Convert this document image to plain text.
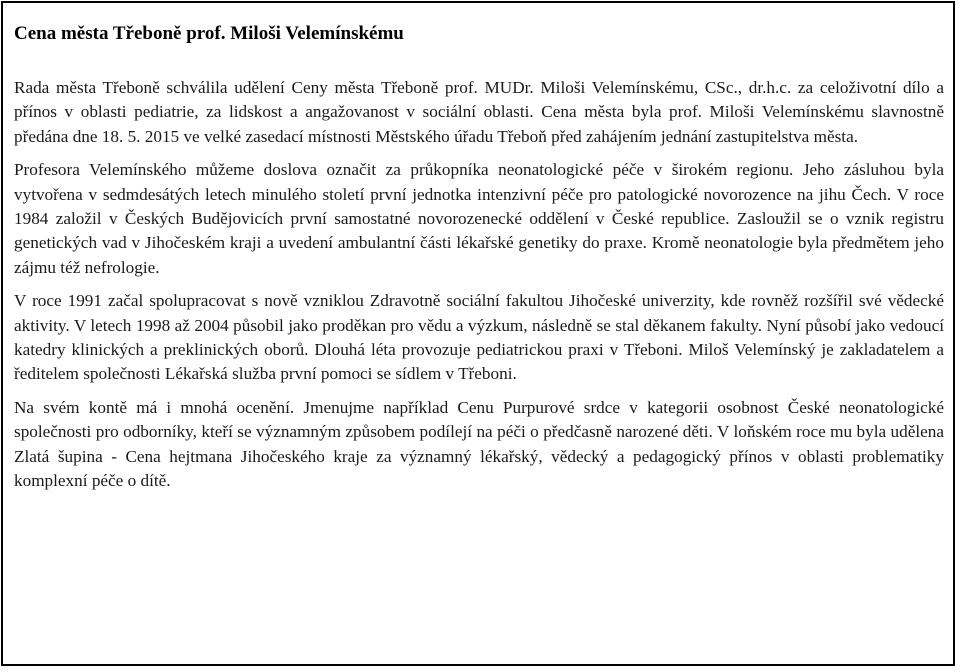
Cena města Třeboně prof. Miloši Velemínskému

Rada města Třeboně schválila udělení Ceny města Třeboně prof. MUDr. Miloši Velemínskému, CSc., dr.h.c. za celoživotní dílo a přínos v oblasti pediatrie, za lidskost a angažovanost v sociální oblasti. Cena města byla prof. Miloši Velemínskému slavnostně předána dne 18. 5. 2015 ve velké zasedací místnosti Městského úřadu Třeboň před zahájením jednání zastupitelstva města.

Profesora Velemínského můžeme doslova označit za průkopníka neonatologické péče v širokém regionu. Jeho zásluhou byla vytvořena v sedmdesátých letech minulého století první jednotka intenzivní péče pro patologické novorozence na jihu Čech. V roce 1984 založil v Českých Budějovicích první samostatné novorozenecké oddělení v České republice. Zasloužil se o vznik registru genetických vad v Jihočeském kraji a uvedení ambulantní části lékařské genetiky do praxe. Kromě neonatologie byla předmětem jeho zájmu též nefrologie.

V roce 1991 začal spolupracovat s nově vzniklou Zdravotně sociální fakultou Jihočeské univerzity, kde rovněž rozšířil své vědecké aktivity. V letech 1998 až 2004 působil jako proděkan pro vědu a výzkum, následně se stal děkanem fakulty. Nyní působí jako vedoucí katedry klinických a preklinických oborů. Dlouhá léta provozuje pediatrickou praxi v Třeboni. Miloš Velemínský je zakladatelem a ředitelem společnosti Lékařská služba první pomoci se sídlem v Třeboni.

Na svém kontě má i mnohá ocenění. Jmenujme například Cenu Purpurové srdce v kategorii osobnost České neonatologické společnosti pro odborníky, kteří se významným způsobem podílejí na péči o předčasně narozené děti. V loňském roce mu byla udělena Zlatá šupina - Cena hejtmana Jihočeského kraje za významný lékařský, vědecký a pedagogický přínos v oblasti problematiky komplexní péče o dítě.
